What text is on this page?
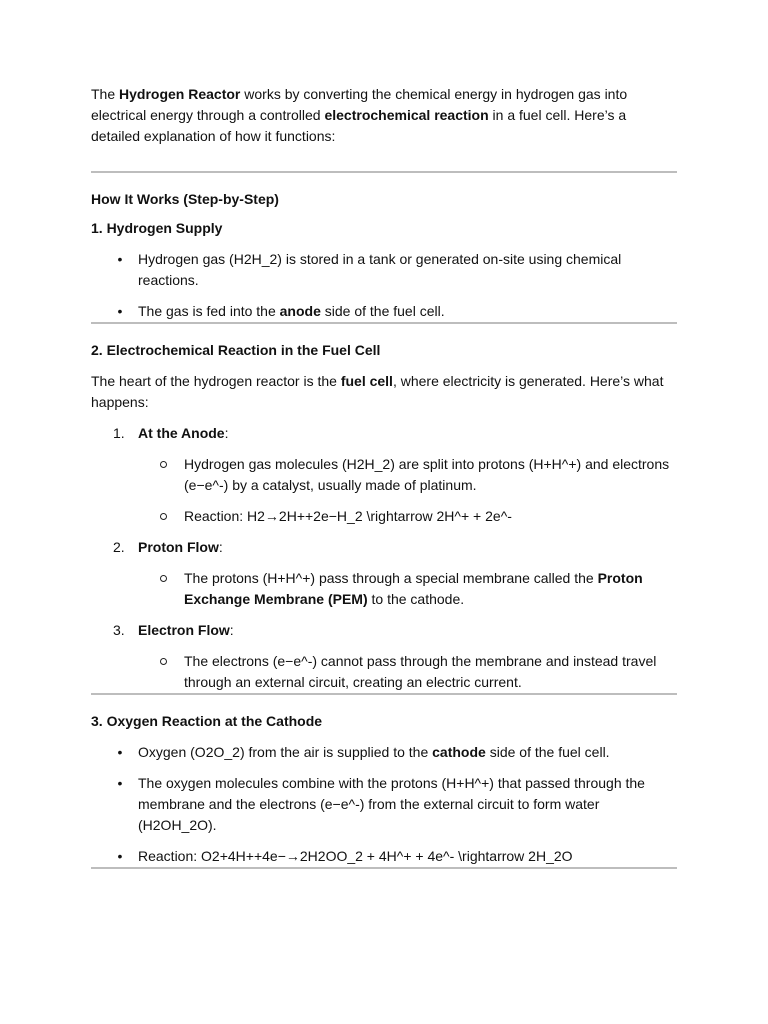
The Hydrogen Reactor works by converting the chemical energy in hydrogen gas into electrical energy through a controlled electrochemical reaction in a fuel cell. Here’s a detailed explanation of how it functions:

How It Works (Step-by-Step)

1. Hydrogen Supply

• Hydrogen gas (H2H_2) is stored in a tank or generated on-site using chemical reactions.
• The gas is fed into the anode side of the fuel cell.

2. Electrochemical Reaction in the Fuel Cell

The heart of the hydrogen reactor is the fuel cell, where electricity is generated. Here’s what happens:

1. At the Anode:
Hydrogen gas molecules (H2H_2) are split into protons (H+H^+) and electrons (e−e^-) by a catalyst, usually made of platinum.
Reaction: H2→2H++2e−H_2 \rightarrow 2H^+ + 2e^-
2. Proton Flow:
The protons (H+H^+) pass through a special membrane called the Proton Exchange Membrane (PEM) to the cathode.
3. Electron Flow:
The electrons (e−e^-) cannot pass through the membrane and instead travel through an external circuit, creating an electric current.

3. Oxygen Reaction at the Cathode

• Oxygen (O2O_2) from the air is supplied to the cathode side of the fuel cell.
• The oxygen molecules combine with the protons (H+H^+) that passed through the membrane and the electrons (e−e^-) from the external circuit to form water (H2OH_2O).
• Reaction: O2+4H++4e−→2H2OO_2 + 4H^+ + 4e^- \rightarrow 2H_2O
